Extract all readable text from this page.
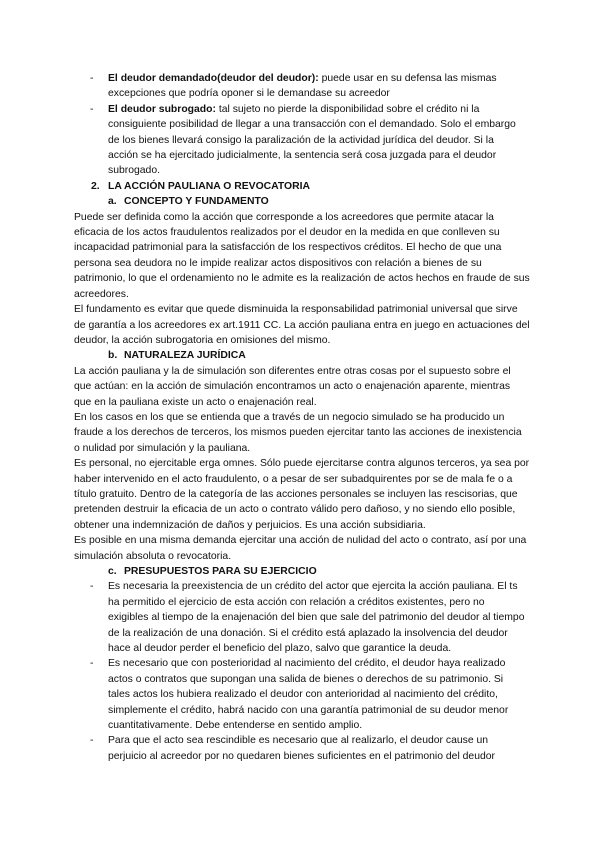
- El deudor demandado(deudor del deudor): puede usar en su defensa las mismas excepciones que podría oponer si le demandase su acreedor
- El deudor subrogado: tal sujeto no pierde la disponibilidad sobre el crédito ni la consiguiente posibilidad de llegar a una transacción con el demandado. Solo el embargo de los bienes llevará consigo la paralización de la actividad jurídica del deudor. Si la acción se ha ejercitado judicialmente, la sentencia será cosa juzgada para el deudor subrogado.
2. LA ACCIÓN PAULIANA O REVOCATORIA
a. CONCEPTO Y FUNDAMENTO

Puede ser definida como la acción que corresponde a los acreedores que permite atacar la eficacia de los actos fraudulentos realizados por el deudor en la medida en que conlleven su incapacidad patrimonial para la satisfacción de los respectivos créditos. El hecho de que una persona sea deudora no le impide realizar actos dispositivos con relación a bienes de su patrimonio, lo que el ordenamiento no le admite es la realización de actos hechos en fraude de sus acreedores.

El fundamento es evitar que quede disminuida la responsabilidad patrimonial universal que sirve de garantía a los acreedores ex art.1911 CC. La acción pauliana entra en juego en actuaciones del deudor, la acción subrogatoria en omisiones del mismo.

b. NATURALEZA JURÍDICA

La acción pauliana y la de simulación son diferentes entre otras cosas por el supuesto sobre el que actúan: en la acción de simulación encontramos un acto o enajenación aparente, mientras que en la pauliana existe un acto o enajenación real.

En los casos en los que se entienda que a través de un negocio simulado se ha producido un fraude a los derechos de terceros, los mismos pueden ejercitar tanto las acciones de inexistencia o nulidad por simulación y la pauliana.

Es personal, no ejercitable erga omnes. Sólo puede ejercitarse contra algunos terceros, ya sea por haber intervenido en el acto fraudulento, o a pesar de ser subadquirentes por se de mala fe o a título gratuito. Dentro de la categoría de las acciones personales se incluyen las rescisorias, que pretenden destruir la eficacia de un acto o contrato válido pero dañoso, y no siendo ello posible, obtener una indemnización de daños y perjuicios. Es una acción subsidiaria.

Es posible en una misma demanda ejercitar una acción de nulidad del acto o contrato, así por una simulación absoluta o revocatoria.

c. PRESUPUESTOS PARA SU EJERCICIO
- Es necesaria la preexistencia de un crédito del actor que ejercita la acción pauliana. El ts ha permitido el ejercicio de esta acción con relación a créditos existentes, pero no exigibles al tiempo de la enajenación del bien que sale del patrimonio del deudor al tiempo de la realización de una donación. Si el crédito está aplazado la insolvencia del deudor hace al deudor perder el beneficio del plazo, salvo que garantice la deuda.
- Es necesario que con posterioridad al nacimiento del crédito, el deudor haya realizado actos o contratos que supongan una salida de bienes o derechos de su patrimonio. Si tales actos los hubiera realizado el deudor con anterioridad al nacimiento del crédito, simplemente el crédito, habrá nacido con una garantía patrimonial de su deudor menor cuantitativamente. Debe entenderse en sentido amplio.
- Para que el acto sea rescindible es necesario que al realizarlo, el deudor cause un perjuicio al acreedor por no quedaren bienes suficientes en el patrimonio del deudor
